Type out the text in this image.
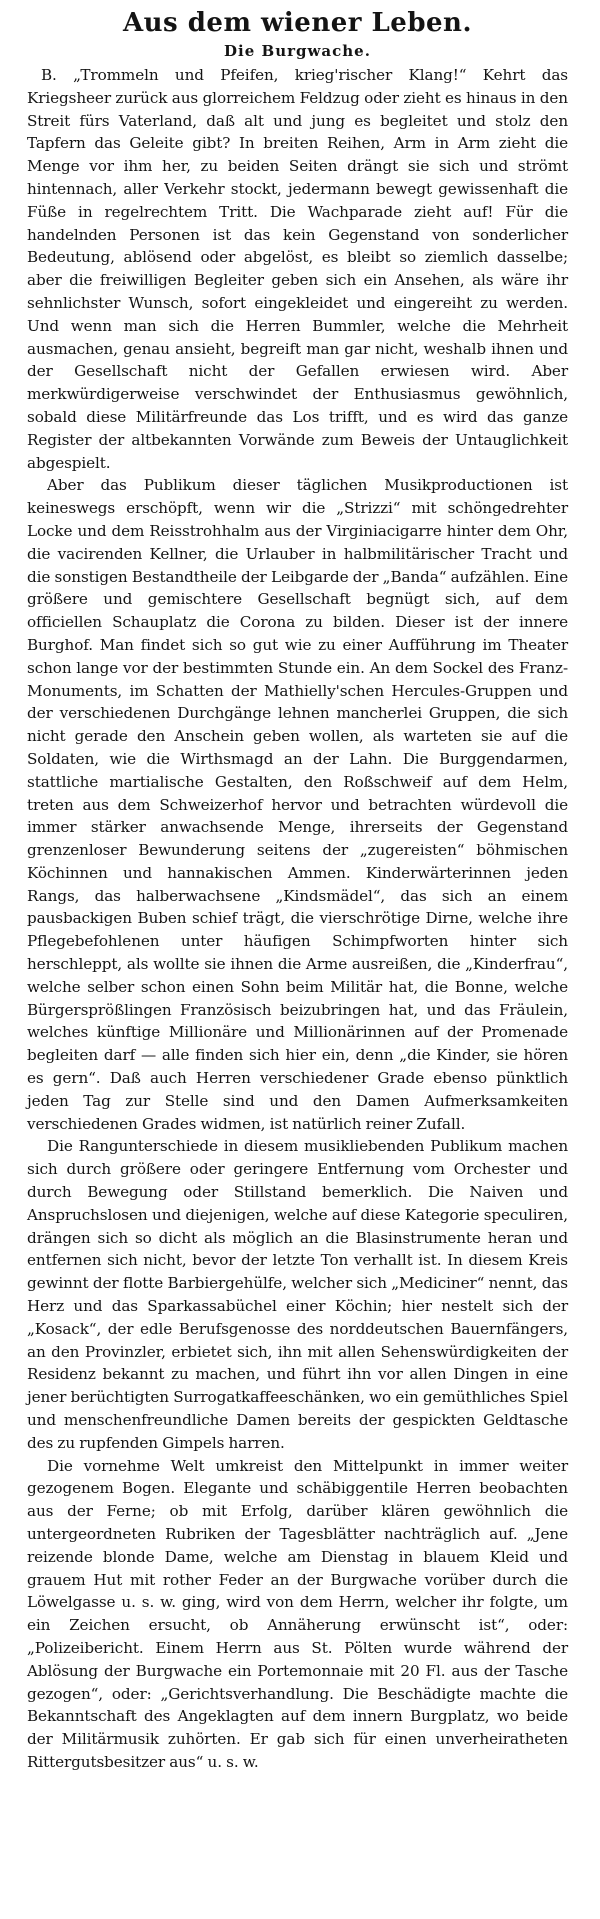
Aus dem wiener Leben.
Die Burgwache.

B. „Trommeln und Pfeifen, krieg'rischer Klang!“ Kehrt das Kriegsheer zurück aus glorreichem Feldzug oder zieht es hinaus in den Streit fürs Vaterland, daß alt und jung es begleitet und stolz den Tapfern das Geleite gibt? In breiten Reihen, Arm in Arm zieht die Menge vor ihm her, zu beiden Seiten drängt sie sich und strömt hintennach, aller Verkehr stockt, jedermann bewegt gewissenhaft die Füße in regelrechtem Tritt. Die Wachparade zieht auf! Für die handelnden Personen ist das kein Gegenstand von sonderlicher Bedeutung, ablösend oder abgelöst, es bleibt so ziemlich dasselbe; aber die freiwilligen Begleiter geben sich ein Ansehen, als wäre ihr sehnlichster Wunsch, sofort eingekleidet und eingereiht zu werden. Und wenn man sich die Herren Bummler, welche die Mehrheit ausmachen, genau ansieht, begreift man gar nicht, weshalb ihnen und der Gesellschaft nicht der Gefallen erwiesen wird. Aber merkwürdigerweise verschwindet der Enthusiasmus gewöhnlich, sobald diese Militärfreunde das Los trifft, und es wird das ganze Register der altbekannten Vorwände zum Beweis der Untauglichkeit abgespielt.

Aber das Publikum dieser täglichen Musikproductionen ist keineswegs erschöpft, wenn wir die „Strizzi“ mit schöngedrehter Locke und dem Reisstrohhalm aus der Virginiacigarre hinter dem Ohr, die vacirenden Kellner, die Urlauber in halbmilitärischer Tracht und die sonstigen Bestandtheile der Leibgarde der „Banda“ aufzählen. Eine größere und gemischtere Gesellschaft begnügt sich, auf dem officiellen Schauplatz die Corona zu bilden. Dieser ist der innere Burghof. Man findet sich so gut wie zu einer Aufführung im Theater schon lange vor der bestimmten Stunde ein. An dem Sockel des Franz-Monuments, im Schatten der Mathielly'schen Hercules-Gruppen und der verschiedenen Durchgänge lehnen mancherlei Gruppen, die sich nicht gerade den Anschein geben wollen, als warteten sie auf die Soldaten, wie die Wirthsmagd an der Lahn. Die Burggendarmen, stattliche martialische Gestalten, den Roßschweif auf dem Helm, treten aus dem Schweizerhof hervor und betrachten würdevoll die immer stärker anwachsende Menge, ihrerseits der Gegenstand grenzenloser Bewunderung seitens der „zugereisten“ böhmischen Köchinnen und hannakischen Ammen. Kinderwärterinnen jeden Rangs, das halberwachsene „Kindsmädel“, das sich an einem pausbackigen Buben schief trägt, die vierschrötige Dirne, welche ihre Pflegebefohlenen unter häufigen Schimpfworten hinter sich herschleppt, als wollte sie ihnen die Arme ausreißen, die „Kinderfrau“, welche selber schon einen Sohn beim Militär hat, die Bonne, welche Bürgersprößlingen Französisch beizubringen hat, und das Fräulein, welches künftige Millionäre und Millionärinnen auf der Promenade begleiten darf — alle finden sich hier ein, denn „die Kinder, sie hören es gern“. Daß auch Herren verschiedener Grade ebenso pünktlich jeden Tag zur Stelle sind und den Damen Aufmerksamkeiten verschiedenen Grades widmen, ist natürlich reiner Zufall.

Die Rangunterschiede in diesem musikliebenden Publikum machen sich durch größere oder geringere Entfernung vom Orchester und durch Bewegung oder Stillstand bemerklich. Die Naiven und Anspruchslosen und diejenigen, welche auf diese Kategorie speculiren, drängen sich so dicht als möglich an die Blasinstrumente heran und entfernen sich nicht, bevor der letzte Ton verhallt ist. In diesem Kreis gewinnt der flotte Barbiergehülfe, welcher sich „Mediciner“ nennt, das Herz und das Sparkassabüchel einer Köchin; hier nestelt sich der „Kosack“, der edle Berufsgenosse des norddeutschen Bauernfängers, an den Provinzler, erbietet sich, ihn mit allen Sehenswürdigkeiten der Residenz bekannt zu machen, und führt ihn vor allen Dingen in eine jener berüchtigten Surrogatkaffeeschänken, wo ein gemüthliches Spiel und menschenfreundliche Damen bereits der gespickten Geldtasche des zu rupfenden Gimpels harren.

Die vornehme Welt umkreist den Mittelpunkt in immer weiter gezogenem Bogen. Elegante und schäbiggentile Herren beobachten aus der Ferne; ob mit Erfolg, darüber klären gewöhnlich die untergeordneten Rubriken der Tagesblätter nachträglich auf. „Jene reizende blonde Dame, welche am Dienstag in blauem Kleid und grauem Hut mit rother Feder an der Burgwache vorüber durch die Löwelgasse u. s. w. ging, wird von dem Herrn, welcher ihr folgte, um ein Zeichen ersucht, ob Annäherung erwünscht ist“, oder: „Polizeibericht. Einem Herrn aus St. Pölten wurde während der Ablösung der Burgwache ein Portemonnaie mit 20 Fl. aus der Tasche gezogen“, oder: „Gerichtsverhandlung. Die Beschädigte machte die Bekanntschaft des Angeklagten auf dem innern Burgplatz, wo beide der Militärmusik zuhörten. Er gab sich für einen unverheiratheten Rittergutsbesitzer aus“ u. s. w.
